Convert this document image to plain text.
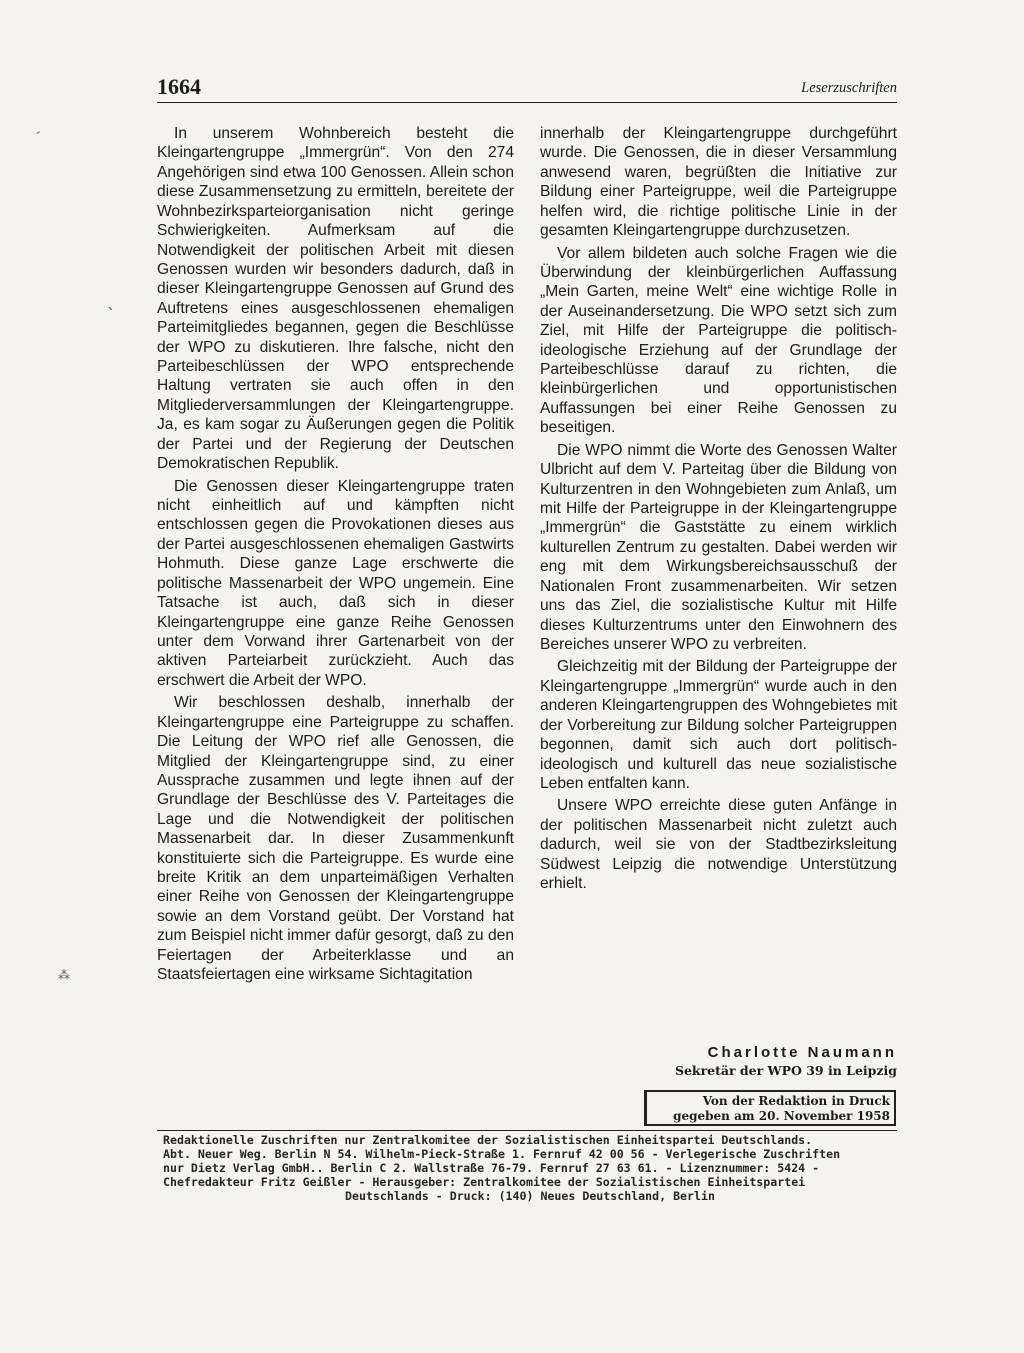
1664	Leserzuschriften

In unserem Wohnbereich besteht die Kleingartengruppe „Immergrün“. Von den 274 Angehörigen sind etwa 100 Genossen. Allein schon diese Zusammensetzung zu ermitteln, bereitete der Wohnbezirksparteiorganisation nicht geringe Schwierigkeiten. Aufmerksam auf die Notwendigkeit der politischen Arbeit mit diesen Genossen wurden wir besonders dadurch, daß in dieser Kleingartengruppe Genossen auf Grund des Auftretens eines ausgeschlossenen ehemaligen Parteimitgliedes begannen, gegen die Beschlüsse der WPO zu diskutieren. Ihre falsche, nicht den Parteibeschlüssen der WPO entsprechende Haltung vertraten sie auch offen in den Mitgliederversammlungen der Kleingartengruppe. Ja, es kam sogar zu Äußerungen gegen die Politik der Partei und der Regierung der Deutschen Demokratischen Republik.

Die Genossen dieser Kleingartengruppe traten nicht einheitlich auf und kämpften nicht entschlossen gegen die Provokationen dieses aus der Partei ausgeschlossenen ehemaligen Gastwirts Hohmuth. Diese ganze Lage erschwerte die politische Massenarbeit der WPO ungemein. Eine Tatsache ist auch, daß sich in dieser Kleingartengruppe eine ganze Reihe Genossen unter dem Vorwand ihrer Gartenarbeit von der aktiven Parteiarbeit zurückzieht. Auch das erschwert die Arbeit der WPO.

Wir beschlossen deshalb, innerhalb der Kleingartengruppe eine Parteigruppe zu schaffen. Die Leitung der WPO rief alle Genossen, die Mitglied der Kleingartengruppe sind, zu einer Aussprache zusammen und legte ihnen auf der Grundlage der Beschlüsse des V. Parteitages die Lage und die Notwendigkeit der politischen Massenarbeit dar. In dieser Zusammenkunft konstituierte sich die Parteigruppe. Es wurde eine breite Kritik an dem unparteimäßigen Verhalten einer Reihe von Genossen der Kleingartengruppe sowie an dem Vorstand geübt. Der Vorstand hat zum Beispiel nicht immer dafür gesorgt, daß zu den Feiertagen der Arbeiterklasse und an Staatsfeiertagen eine wirksame Sichtagitation

innerhalb der Kleingartengruppe durchgeführt wurde. Die Genossen, die in dieser Versammlung anwesend waren, begrüßten die Initiative zur Bildung einer Parteigruppe, weil die Parteigruppe helfen wird, die richtige politische Linie in der gesamten Kleingartengruppe durchzusetzen.

Vor allem bildeten auch solche Fragen wie die Überwindung der kleinbürgerlichen Auffassung „Mein Garten, meine Welt“ eine wichtige Rolle in der Auseinandersetzung. Die WPO setzt sich zum Ziel, mit Hilfe der Parteigruppe die politisch-ideologische Erziehung auf der Grundlage der Parteibeschlüsse darauf zu richten, die kleinbürgerlichen und opportunistischen Auffassungen bei einer Reihe Genossen zu beseitigen.

Die WPO nimmt die Worte des Genossen Walter Ulbricht auf dem V. Parteitag über die Bildung von Kulturzentren in den Wohngebieten zum Anlaß, um mit Hilfe der Parteigruppe in der Kleingartengruppe „Immergrün“ die Gaststätte zu einem wirklich kulturellen Zentrum zu gestalten. Dabei werden wir eng mit dem Wirkungsbereichsausschuß der Nationalen Front zusammenarbeiten. Wir setzen uns das Ziel, die sozialistische Kultur mit Hilfe dieses Kulturzentrums unter den Einwohnern des Bereiches unserer WPO zu verbreiten.

Gleichzeitig mit der Bildung der Parteigruppe der Kleingartengruppe „Immergrün“ wurde auch in den anderen Kleingartengruppen des Wohngebietes mit der Vorbereitung zur Bildung solcher Parteigruppen begonnen, damit sich auch dort politisch-ideologisch und kulturell das neue sozialistische Leben entfalten kann.

Unsere WPO erreichte diese guten Anfänge in der politischen Massenarbeit nicht zuletzt auch dadurch, weil sie von der Stadtbezirksleitung Südwest Leipzig die notwendige Unterstützung erhielt.

Charlotte Naumann
Sekretär der WPO 39 in Leipzig
Von der Redaktion in Druck
gegeben am 20. November 1958
Redaktionelle Zuschriften nur Zentralkomitee der Sozialistischen Einheitspartei Deutschlands.
Abt. Neuer Weg. Berlin N 54. Wilhelm-Pieck-Straße 1. Fernruf 42 00 56 - Verlegerische Zuschriften
nur Dietz Verlag GmbH.. Berlin C 2. Wallstraße 76-79. Fernruf 27 63 61. - Lizenznummer: 5424 -
Chefredakteur Fritz Geißler - Herausgeber: Zentralkomitee der Sozialistischen Einheitspartei
Deutschlands - Druck: (140) Neues Deutschland, Berlin
ˊ
ˋ
⁂
